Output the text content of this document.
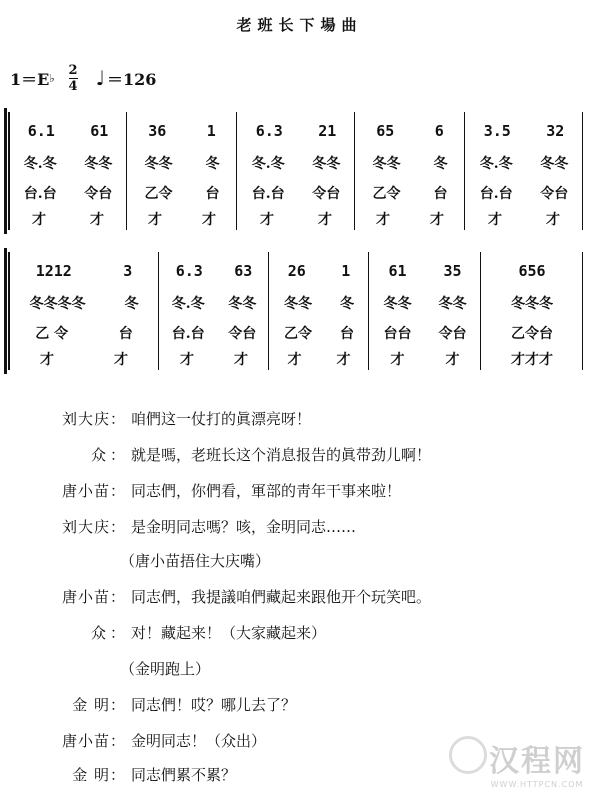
老班长下場曲
1＝E ♭ $\frac{2}{4}$ ♩ ＝126
6.1 61
冬.冬 冬冬
台.台 令台
才	才
36	1
冬冬 冬
乙令 台
才	才
6.3 21
冬.冬 冬冬
台.台 令台
才	才
65	6
冬冬 冬
乙令 台
才	才
3.5 32
冬.冬 冬冬
台.台 令台
才	才
1212	3
冬冬冬冬	冬
乙 令	台
才	才
6.3 63
冬.冬 冬冬
台.台 令台
才	才
26 1
冬冬 冬
乙令 台
才	才
61 35
冬冬 冬冬
台台 令台
才	才
656
冬冬冬
乙令台
才才才
刘大庆 ： 咱們这一仗打的眞漂亮呀！
众 ： 就是嗎，老班长这个消息报告的眞带劲儿啊！
唐小苗 ： 同志們，你們看，軍部的靑年干事来啦！
刘大庆 ： 是金明同志嗎？咳，金明同志……
（唐小苗捂住大庆嘴）
唐小苗 ： 同志們，我提議咱們藏起来跟他开个玩笑吧。
众 ： 对！藏起来！（大家藏起来）
（金明跑上）
金 明 ： 同志們！哎？哪儿去了？
唐小苗 ： 金明同志！（众出）
金 明 ： 同志們累不累？	汉程网
WWW.HTTPCN.COM
